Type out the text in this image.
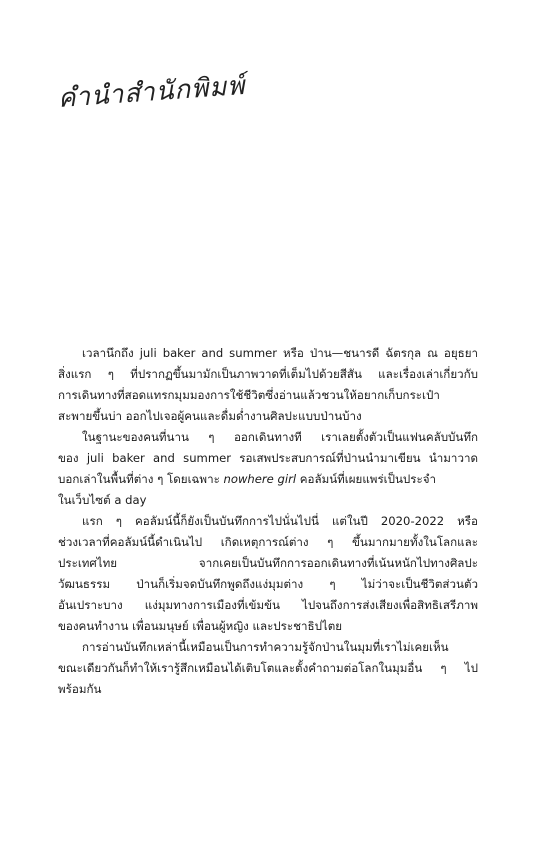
คำนำสำนักพิมพ์
เวลานึกถึง juli baker and summer หรือ ป่าน—ชนารดี ฉัตรกุล ณ อยุธยา
สิ่งแรก ๆ ที่ปรากฏขึ้นมามักเป็นภาพวาดที่เต็มไปด้วยสีสัน และเรื่องเล่าเกี่ยวกับ
การเดินทางที่สอดแทรกมุมมองการใช้ชีวิตซึ่งอ่านแล้วชวนให้อยากเก็บกระเป๋า
สะพายขึ้นบ่า ออกไปเจอผู้คนและดื่มด่ำงานศิลปะแบบป่านบ้าง
ในฐานะของคนที่นาน ๆ ออกเดินทางที เราเลยตั้งตัวเป็นแฟนคลับบันทึก
ของ juli baker and summer รอเสพประสบการณ์ที่ป่านนำมาเขียน นำมาวาด
บอกเล่าในพื้นที่ต่าง ๆ โดยเฉพาะ nowhere girl คอลัมน์ที่เผยแพร่เป็นประจำ
ในเว็บไซต์ a day
แรก ๆ คอลัมน์นี้ก็ยังเป็นบันทึกการไปนั่นไปนี่ แต่ในปี 2020-2022 หรือ
ช่วงเวลาที่คอลัมน์นี้ดำเนินไป เกิดเหตุการณ์ต่าง ๆ ขึ้นมากมายทั้งในโลกและ
ประเทศไทย จากเคยเป็นบันทึกการออกเดินทางที่เน้นหนักไปทางศิลปะ
วัฒนธรรม ป่านก็เริ่มจดบันทึกพูดถึงแง่มุมต่าง ๆ ไม่ว่าจะเป็นชีวิตส่วนตัว
อันเปราะบาง แง่มุมทางการเมืองที่เข้มข้น ไปจนถึงการส่งเสียงเพื่อสิทธิเสรีภาพ
ของคนทำงาน เพื่อนมนุษย์ เพื่อนผู้หญิง และประชาธิปไตย
การอ่านบันทึกเหล่านี้เหมือนเป็นการทำความรู้จักป่านในมุมที่เราไม่เคยเห็น
ขณะเดียวกันก็ทำให้เรารู้สึกเหมือนได้เติบโตและตั้งคำถามต่อโลกในมุมอื่น ๆ ไป
พร้อมกัน
